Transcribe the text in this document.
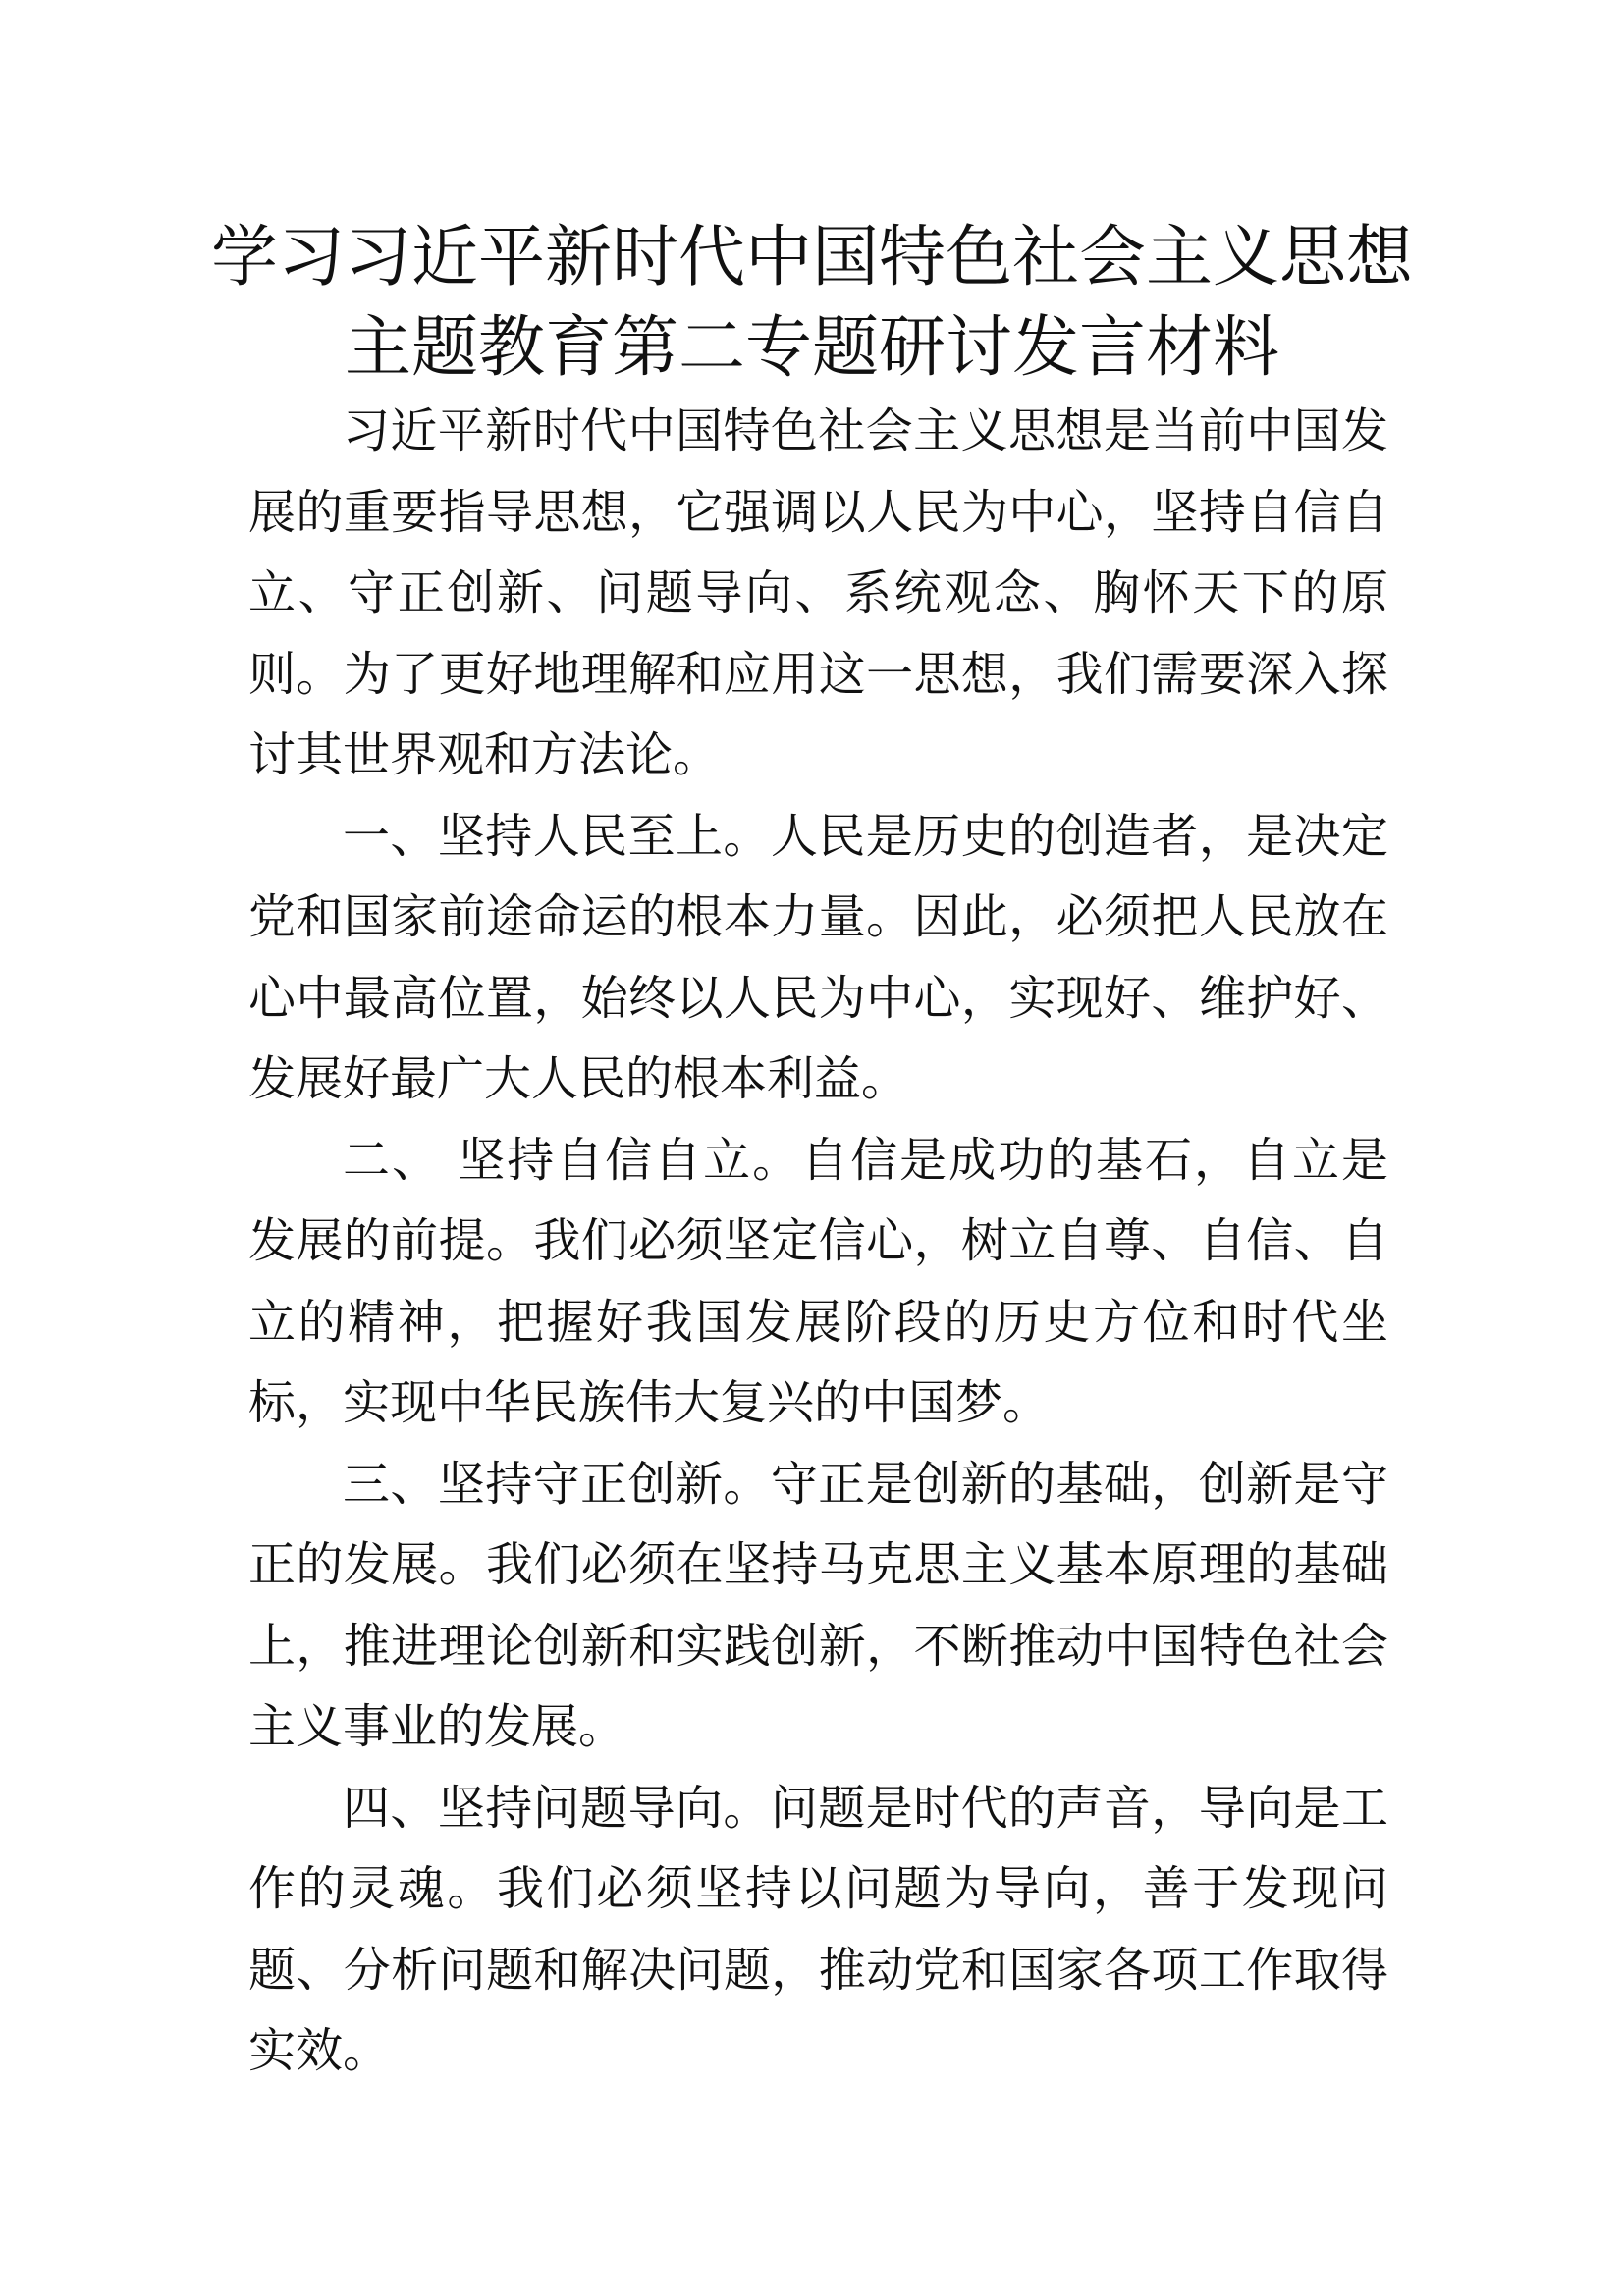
学习习近平新时代中国特色社会主义思想
主题教育第二专题研讨发言材料

习近平新时代中国特色社会主义思想是当前中国发展的重要指导思想，它强调以人民为中心，坚持自信自立、守正创新、问题导向、系统观念、胸怀天下的原则。为了更好地理解和应用这一思想，我们需要深入探讨其世界观和方法论。

一、坚持人民至上。人民是历史的创造者，是决定党和国家前途命运的根本力量。因此，必须把人民放在心中最高位置，始终以人民为中心，实现好、维护好、发展好最广大人民的根本利益。

二、 坚持自信自立。自信是成功的基石，自立是发展的前提。我们必须坚定信心，树立自尊、自信、自立的精神，把握好我国发展阶段的历史方位和时代坐标，实现中华民族伟大复兴的中国梦。

三、坚持守正创新。守正是创新的基础，创新是守正的发展。我们必须在坚持马克思主义基本原理的基础上，推进理论创新和实践创新，不断推动中国特色社会主义事业的发展。

四、坚持问题导向。问题是时代的声音，导向是工作的灵魂。我们必须坚持以问题为导向，善于发现问题、分析问题和解决问题，推动党和国家各项工作取得实效。
